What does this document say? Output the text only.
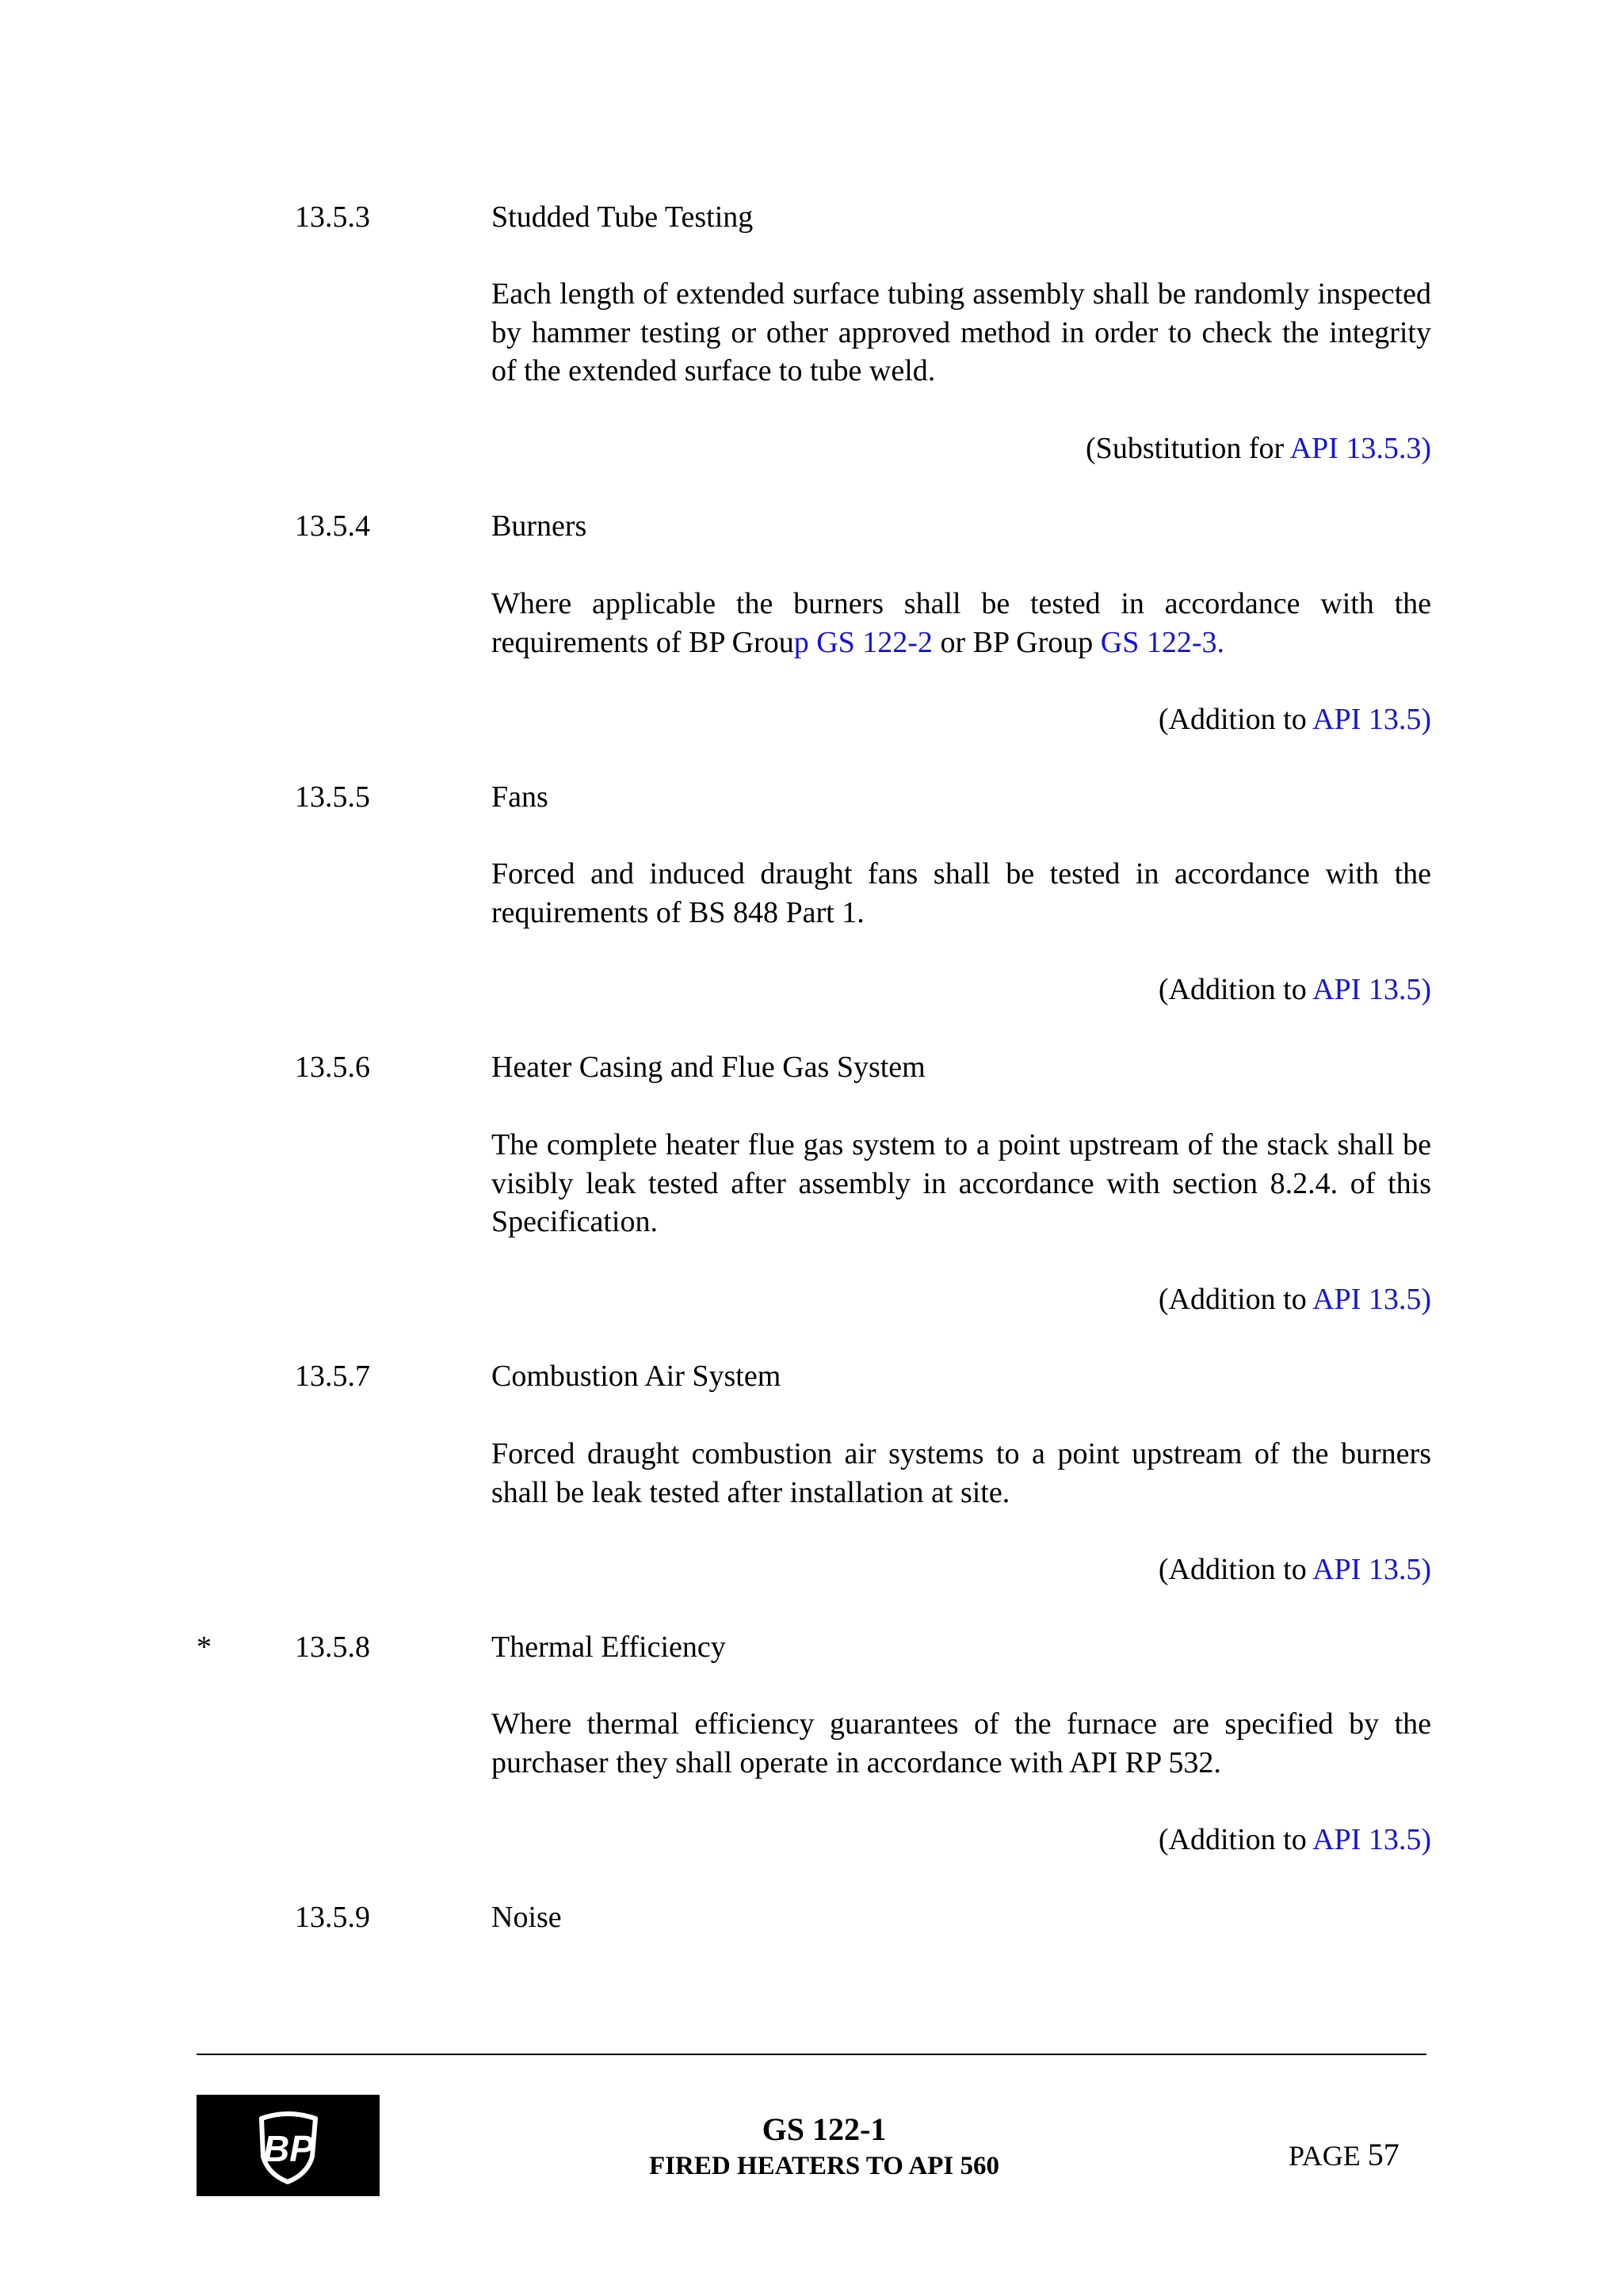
13.5.3	Studded Tube Testing
Each length of extended surface tubing assembly shall be randomly inspected by hammer testing or other approved method in order to check the integrity of the extended surface to tube weld.
(Substitution for API 13.5.3)
13.5.4	Burners
Where applicable the burners shall be tested in accordance with the requirements of BP Group GS 122-2 or BP Group GS 122-3.
(Addition to API 13.5)
13.5.5	Fans
Forced and induced draught fans shall be tested in accordance with the requirements of BS 848 Part 1.
(Addition to API 13.5)
13.5.6	Heater Casing and Flue Gas System
The complete heater flue gas system to a point upstream of the stack shall be visibly leak tested after assembly in accordance with section 8.2.4. of this Specification.
(Addition to API 13.5)
13.5.7	Combustion Air System
Forced draught combustion air systems to a point upstream of the burners shall be leak tested after installation at site.
(Addition to API 13.5)
*	13.5.8	Thermal Efficiency
Where thermal efficiency guarantees of the furnace are specified by the purchaser they shall operate in accordance with API RP 532.
(Addition to API 13.5)
13.5.9	Noise
BP	GS 122-1
FIRED HEATERS TO API 560	PAGE 57
